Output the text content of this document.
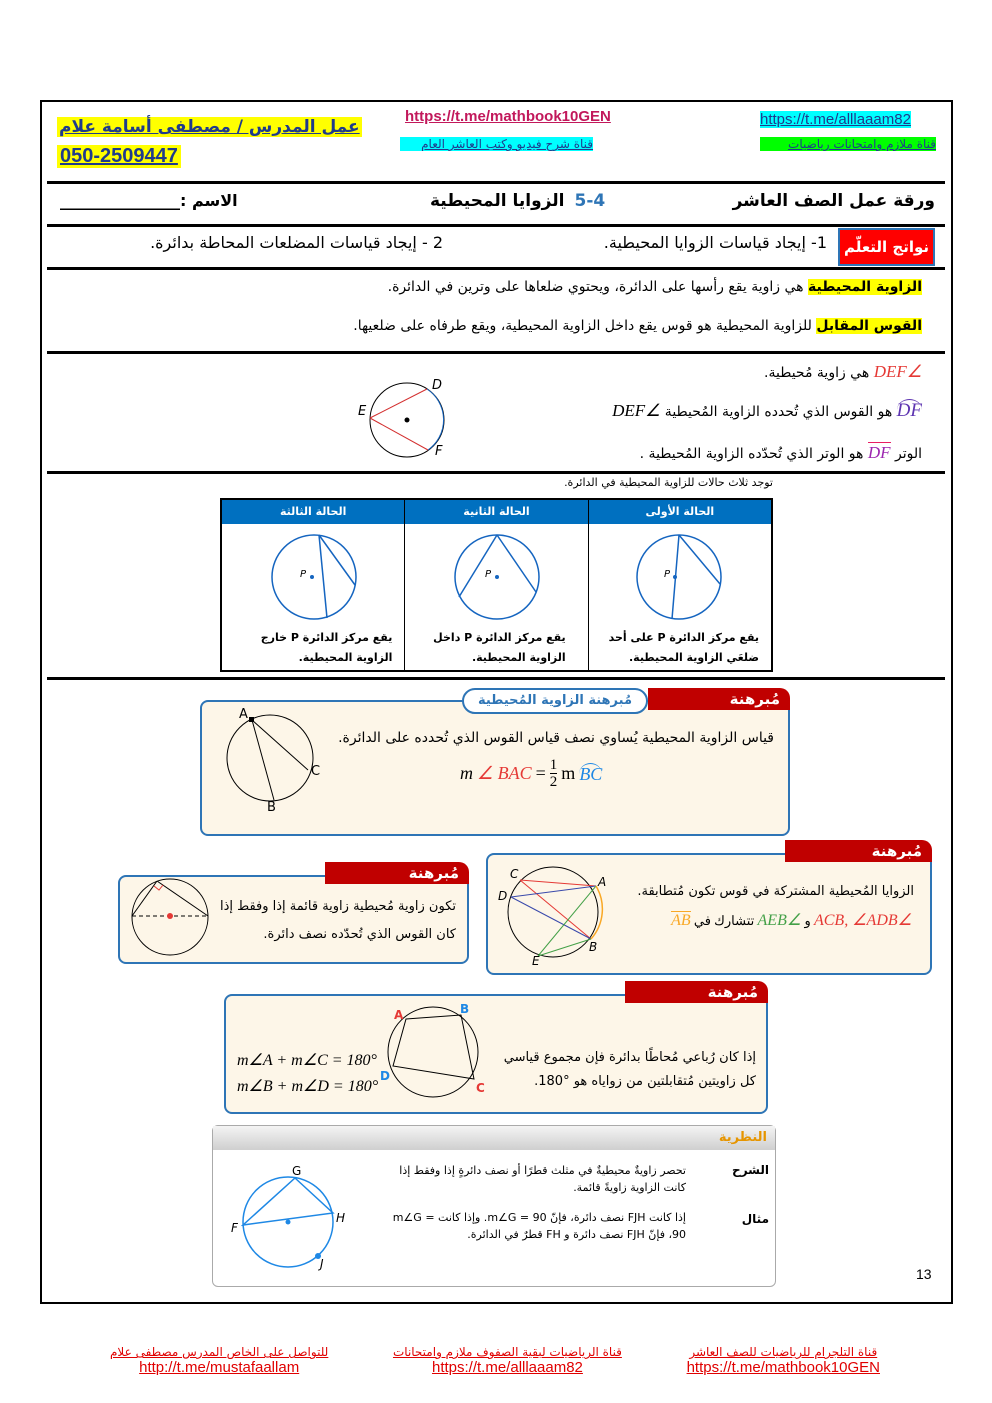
عمل المدرس / مصطفى أسامة علام
050-2509447
https://t.me/mathbook10GEN
قناة شرح فيديو وكتب العاشر العام
https://t.me/alllaaam82
قناة ملازم وامتحانات رياضيات
ورقة عمل الصف العاشر
5-4
الزوايا المحيطية
الاسم :
_______________
نواتج التعلّم
1- إيجاد قياسات الزوايا المحيطية.
2 - إيجاد قياسات المضلعات المحاطة بدائرة.
الزاوية المحيطية هي زاوية يقع رأسها على الدائرة، ويحتوي ضلعاها على وترين في الدائرة.
القوس المقابل للزاوية المحيطية هو قوس يقع داخل الزاوية المحيطية، ويقع طرفاه على ضلعيها.
∠DEF هي زاوية مُحيطية.
DF هو القوس الذي تُحدده الزاوية المُحيطية ∠DEF
الوتر DF هو الوتر الذي تُحدّده الزاوية المُحيطية .
D
E
F
توجد ثلاث حالات للزاوية المحيطية في الدائرة.
الحالة الأولى
P
يقع مركز الدائرة P على أحد ضلعَي الزاوية المحيطية.
الحالة الثانية
P
يقع مركز الدائرة P داخل الزاوية المحيطية.
الحالة الثالثة
P
يقع مركز الدائرة P خارج الزاوية المحيطية.
مُبرهنة
مُبرهنة الزاوية المُحيطية
قياس الزاوية المحيطية يُساوي نصف قياس القوس الذي تُحدده على الدائرة.
m ∠ BAC = $\frac{1}{2}$ m BC
A
B
C
مُبرهنة
الزوايا المُحيطية المشتركة في قوس تكون مُتطابقة.
∠ACB, ∠ADB و ∠AEB تتشارك في AB
C
D
A
B
E
مُبرهنة
تكون زاوية مُحيطية زاوية قائمة إذا وفقط إذا كان القوس الذي تُحدّده نصف دائرة.
مُبرهنة
إذا كان رُباعي مُحاطًا بدائرة فإن مجموع قياسي كل زاويتين مُتقابلتين من زواياه هو °180.
m∠A + m∠C = 180°
m∠B + m∠D = 180°
A	B
C
D
النظرية
الشرح
تحصر زاويةٌ محيطيةٌ في مثلث قطرًا أو نصف دائرةٍ إذا وفقط إذا كانت الزاوية زاويةً قائمة.
مثال
إذا كانت FJH نصف دائرة، فإنّ m∠G = 90. وإذا كانت m∠G = 90، فإنّ FJH نصف دائرة و FH قطرٌ في الدائرة.
G
H
F
J
13
قناة التلجرام للرياضيات للصف العاشر
https://t.me/mathbook10GEN
قناة الرياضيات لبقية الصفوف ملازم وامتحانات
https://t.me/alllaaam82
للتواصل على الخاص المدرس مصطفى علام
http://t.me/mustafaallam
